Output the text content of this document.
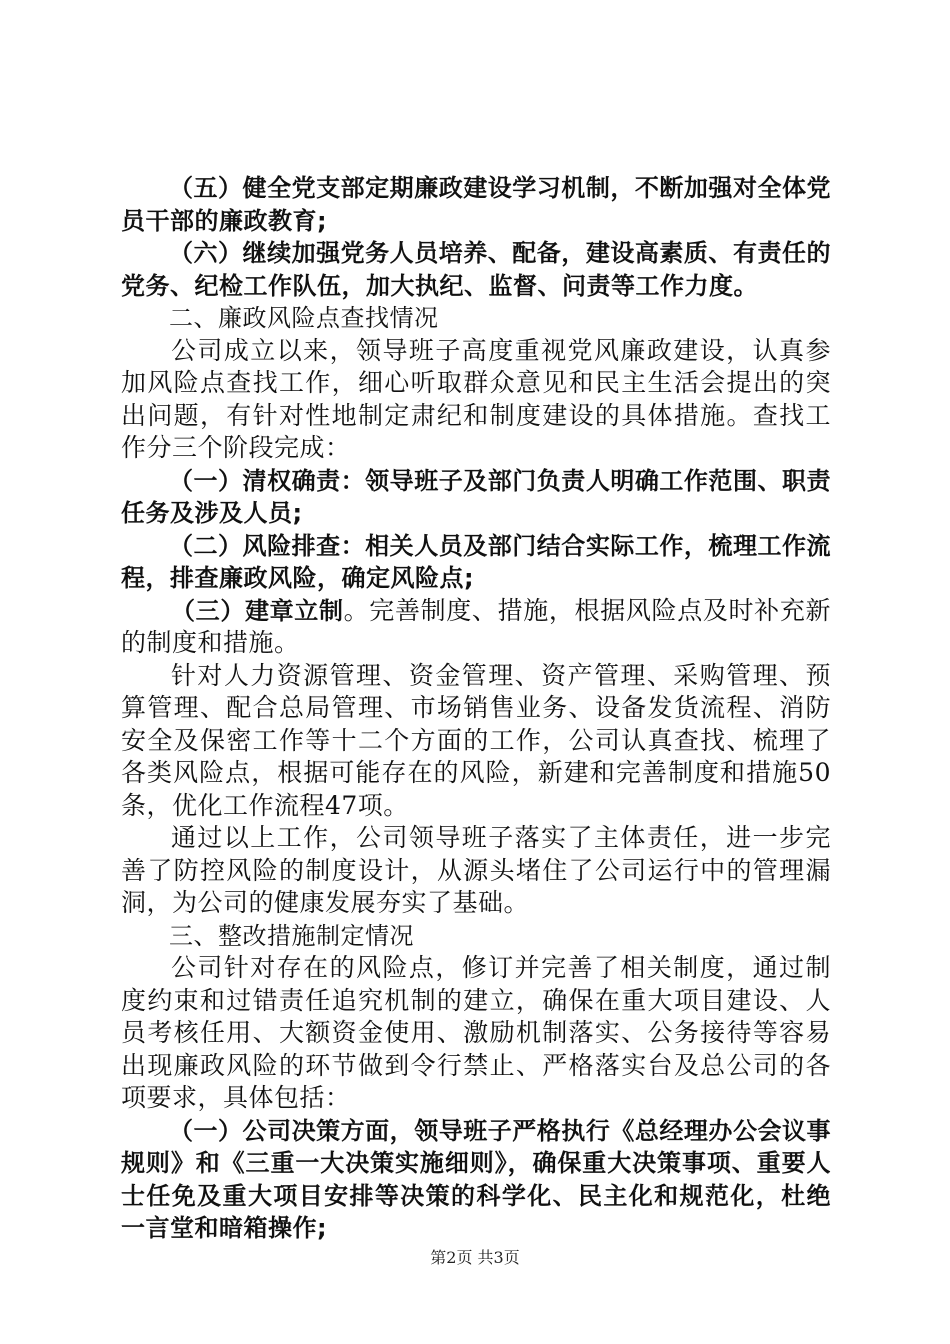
（五）健全党支部定期廉政建设学习机制，不断加强对全体党员干部的廉政教育;

（六）继续加强党务人员培养、配备，建设高素质、有责任的党务、纪检工作队伍，加大执纪、监督、问责等工作力度。

二、廉政风险点查找情况

公司成立以来，领导班子高度重视党风廉政建设，认真参加风险点查找工作，细心听取群众意见和民主生活会提出的突出问题，有针对性地制定肃纪和制度建设的具体措施。查找工作分三个阶段完成：

（一）清权确责：领导班子及部门负责人明确工作范围、职责任务及涉及人员;

（二）风险排查：相关人员及部门结合实际工作，梳理工作流程，排查廉政风险，确定风险点;

（三）建章立制。完善制度、措施，根据风险点及时补充新的制度和措施。

针对人力资源管理、资金管理、资产管理、采购管理、预算管理、配合总局管理、市场销售业务、设备发货流程、消防安全及保密工作等十二个方面的工作，公司认真查找、梳理了各类风险点，根据可能存在的风险，新建和完善制度和措施50条，优化工作流程47项。

通过以上工作，公司领导班子落实了主体责任，进一步完善了防控风险的制度设计，从源头堵住了公司运行中的管理漏洞，为公司的健康发展夯实了基础。

三、整改措施制定情况

公司针对存在的风险点，修订并完善了相关制度，通过制度约束和过错责任追究机制的建立，确保在重大项目建设、人员考核任用、大额资金使用、激励机制落实、公务接待等容易出现廉政风险的环节做到令行禁止、严格落实台及总公司的各项要求，具体包括：

（一）公司决策方面，领导班子严格执行《总经理办公会议事规则》和《三重一大决策实施细则》，确保重大决策事项、重要人士任免及重大项目安排等决策的科学化、民主化和规范化，杜绝一言堂和暗箱操作;

第2页 共3页
